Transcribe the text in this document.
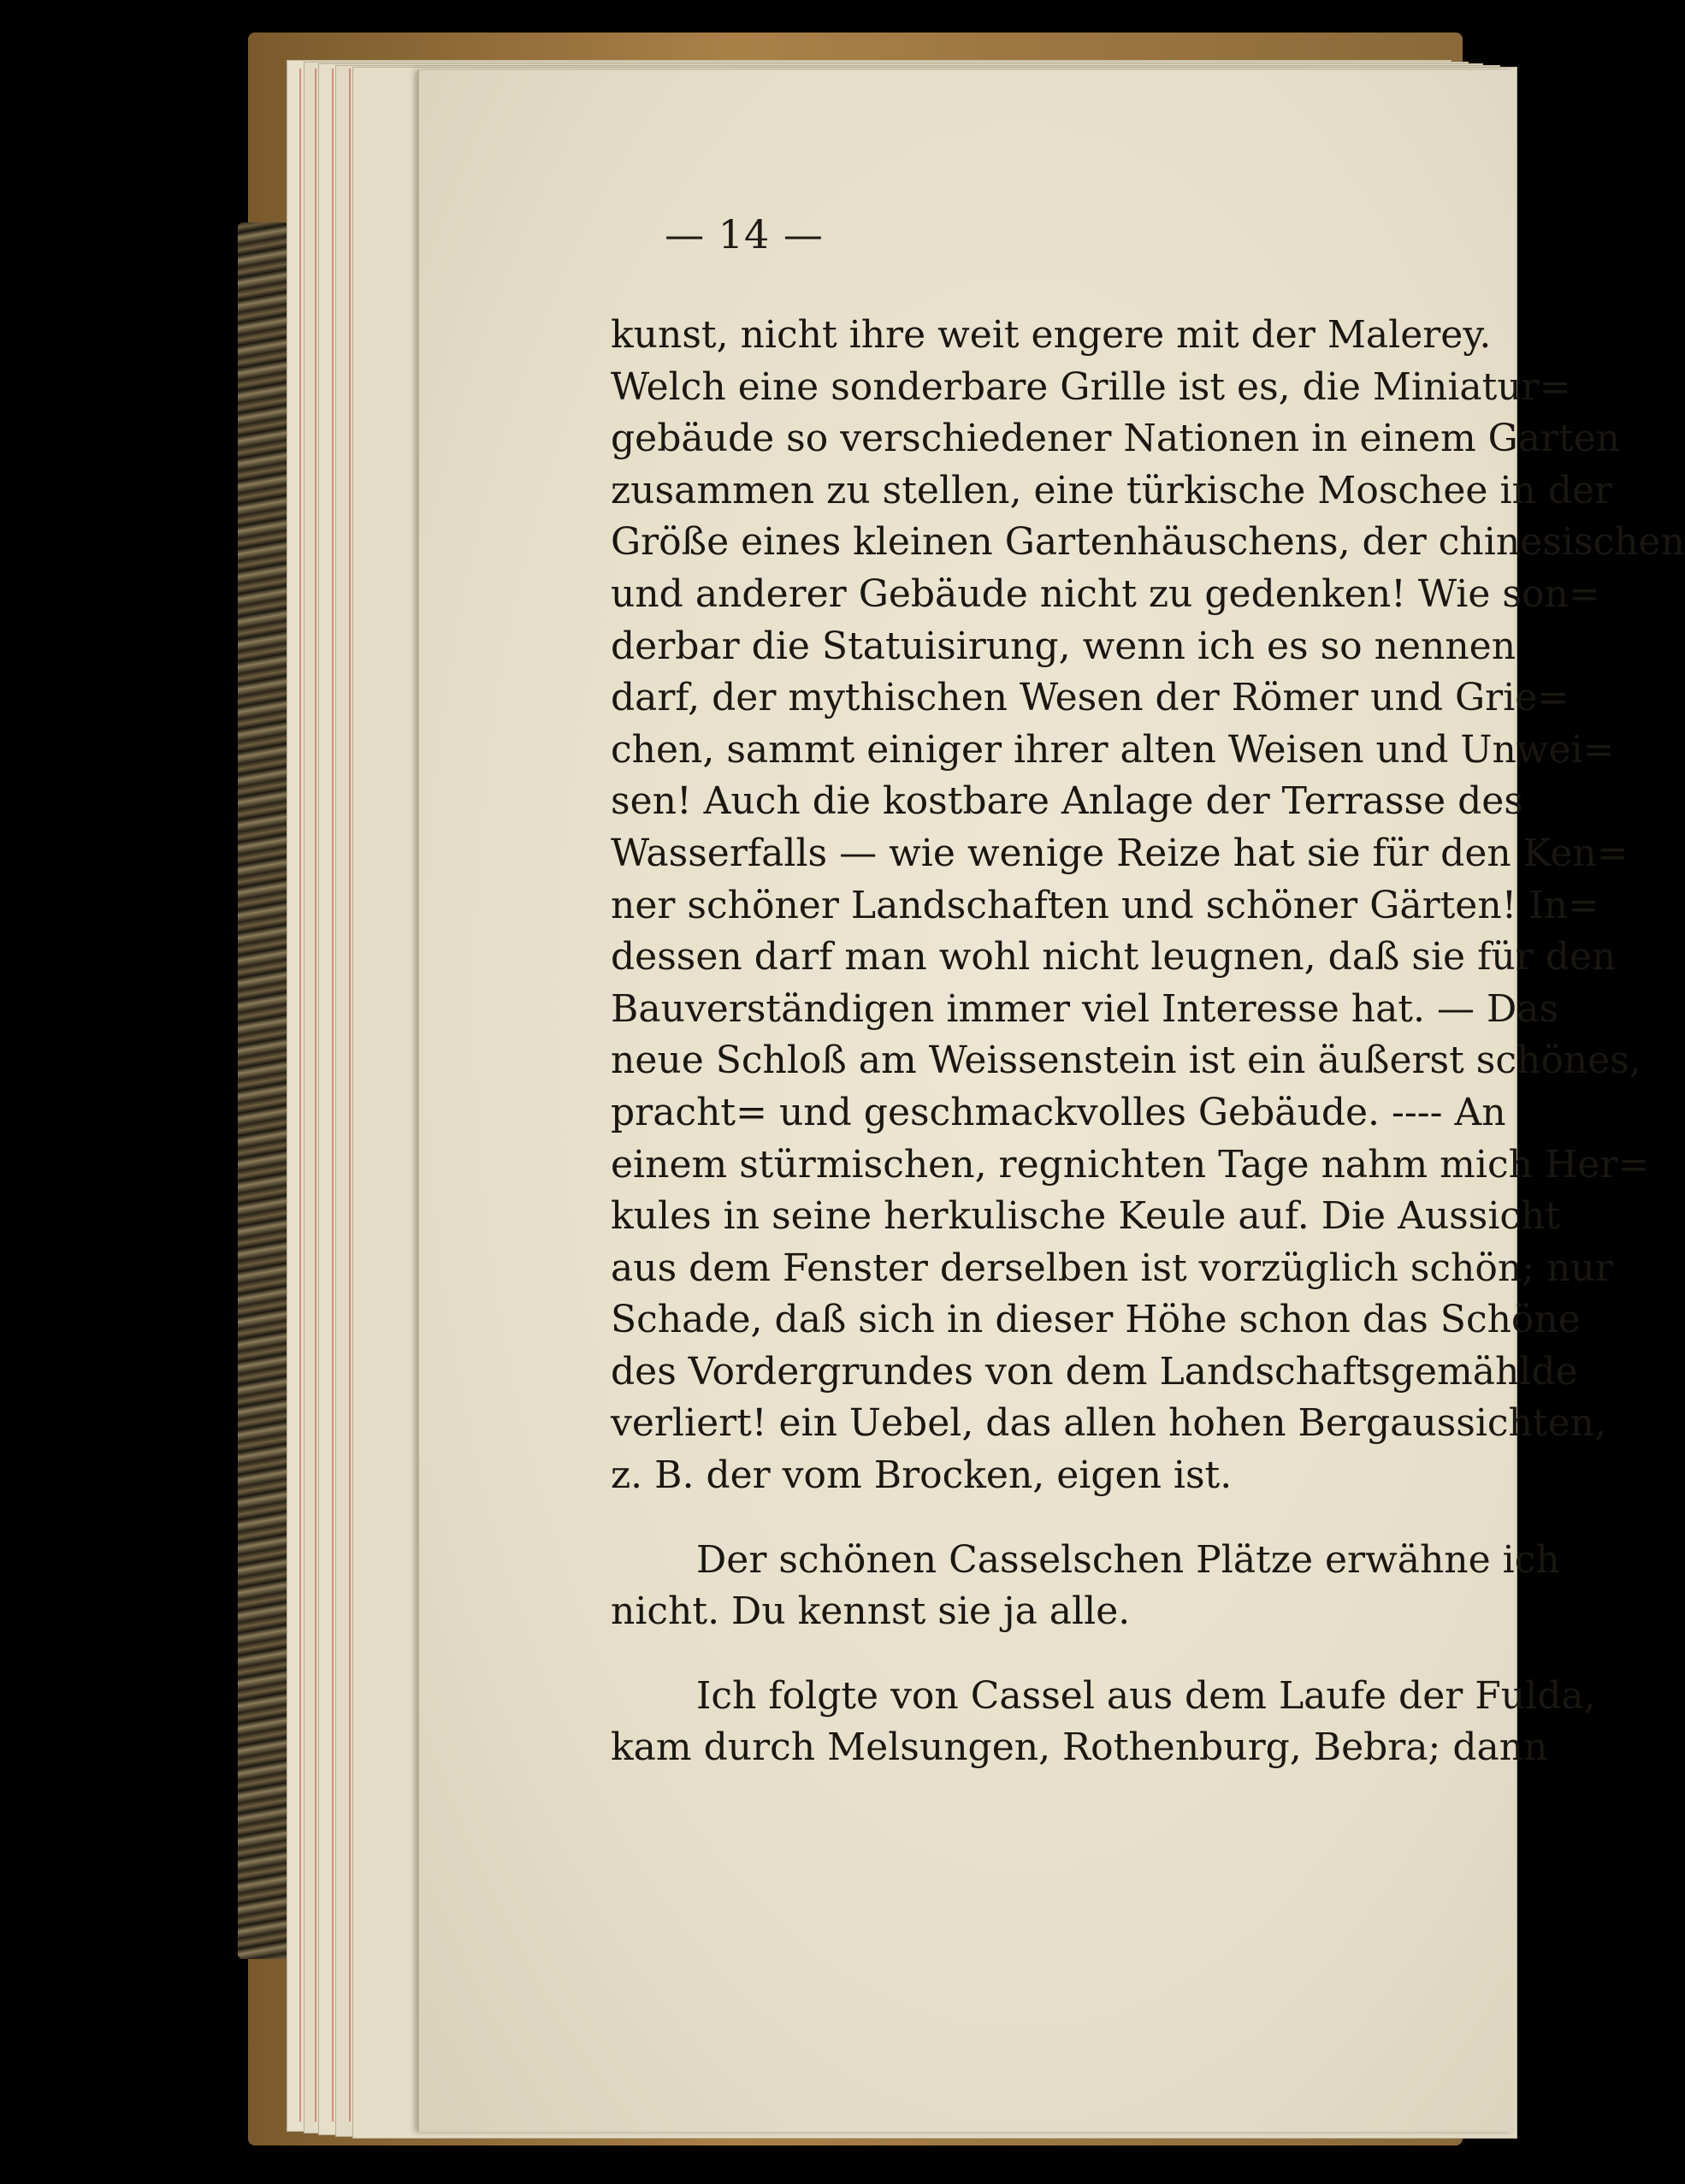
— 14 —
kunst, nicht ihre weit engere mit der Malerey.
Welch eine sonderbare Grille ist es, die Miniatur=
gebäude so verschiedener Nationen in einem Garten
zusammen zu stellen, eine türkische Moschee in der
Größe eines kleinen Gartenhäuschens, der chinesischen
und anderer Gebäude nicht zu gedenken! Wie son=
derbar die Statuisirung, wenn ich es so nennen
darf, der mythischen Wesen der Römer und Grie=
chen, sammt einiger ihrer alten Weisen und Unwei=
sen! Auch die kostbare Anlage der Terrasse des
Wasserfalls — wie wenige Reize hat sie für den Ken=
ner schöner Landschaften und schöner Gärten! In=
dessen darf man wohl nicht leugnen, daß sie für den
Bauverständigen immer viel Interesse hat. — Das
neue Schloß am Weissenstein ist ein äußerst schönes,
pracht= und geschmackvolles Gebäude. ---- An
einem stürmischen, regnichten Tage nahm mich Her=
kules in seine herkulische Keule auf. Die Aussicht
aus dem Fenster derselben ist vorzüglich schön; nur
Schade, daß sich in dieser Höhe schon das Schöne
des Vordergrundes von dem Landschaftsgemählde
verliert! ein Uebel, das allen hohen Bergaussichten,
z. B. der vom Brocken, eigen ist.
Der schönen Casselschen Plätze erwähne ich
nicht. Du kennst sie ja alle.
Ich folgte von Cassel aus dem Laufe der Fulda,
kam durch Melsungen, Rothenburg, Bebra; dann
